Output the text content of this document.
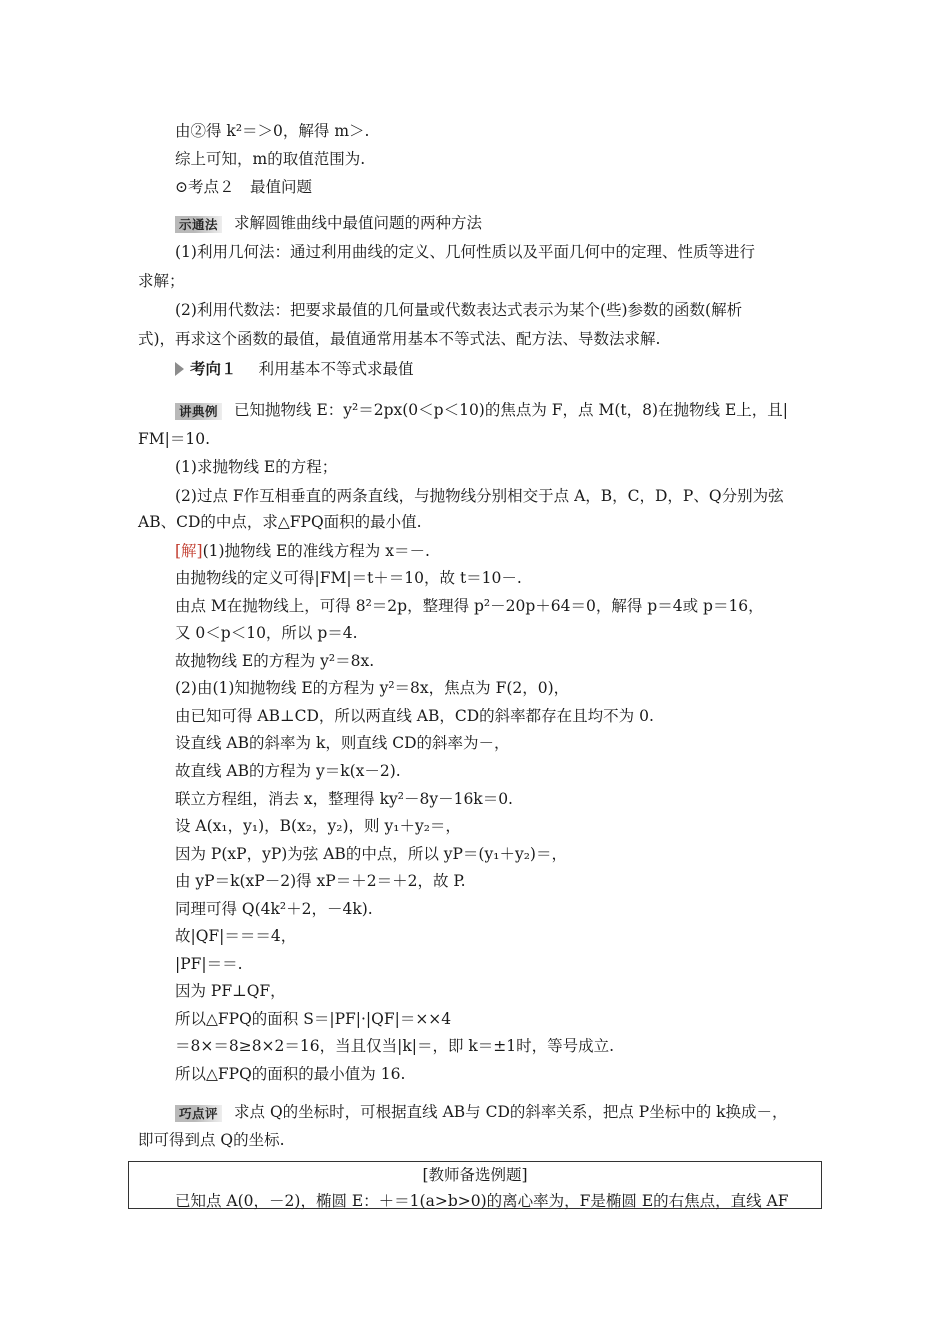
由②得 k²＝＞0，解得 m＞.
综上可知，m的取值范围为.
⊙考点２　最值问题
示通法 求解圆锥曲线中最值问题的两种方法
(1)利用几何法：通过利用曲线的定义、几何性质以及平面几何中的定理、性质等进行
求解；
(2)利用代数法：把要求最值的几何量或代数表达式表示为某个(些)参数的函数(解析
式)，再求这个函数的最值，最值通常用基本不等式法、配方法、导数法求解.
考向１ 利用基本不等式求最值
讲典例 已知抛物线 E：y²＝2px(0＜p＜10)的焦点为 F，点 M(t，8)在抛物线 E上，且|
FM|＝10.
(1)求抛物线 E的方程；
(2)过点 F作互相垂直的两条直线，与抛物线分别相交于点 A，B，C，D，P、Q分别为弦
AB、CD的中点，求△FPQ面积的最小值.
[解](1)抛物线 E的准线方程为 x＝－.
由抛物线的定义可得|FM|＝t＋＝10，故 t＝10－.
由点 M在抛物线上，可得 8²＝2p，整理得 p²－20p＋64＝0，解得 p＝4或 p＝16，
又 0＜p＜10，所以 p＝4.
故抛物线 E的方程为 y²＝8x.
(2)由(1)知抛物线 E的方程为 y²＝8x，焦点为 F(2，0)，
由已知可得 AB⊥CD，所以两直线 AB，CD的斜率都存在且均不为 0.
设直线 AB的斜率为 k，则直线 CD的斜率为－，
故直线 AB的方程为 y＝k(x－2).
联立方程组，消去 x，整理得 ky²－8y－16k＝0.
设 A(x₁，y₁)，B(x₂，y₂)，则 y₁＋y₂＝，
因为 P(xP，yP)为弦 AB的中点，所以 yP＝(y₁＋y₂)＝，
由 yP＝k(xP－2)得 xP＝＋2＝＋2，故 P.
同理可得 Q(4k²＋2，－4k).
故|QF|＝＝＝4，
|PF|＝＝.
因为 PF⊥QF，
所以△FPQ的面积 S＝|PF|·|QF|＝××4
＝8×＝8≥8×2＝16，当且仅当|k|＝，即 k＝±1时，等号成立.
所以△FPQ的面积的最小值为 16.
巧点评 求点 Q的坐标时，可根据直线 AB与 CD的斜率关系，把点 P坐标中的 k换成－，
即可得到点 Q的坐标.
[教师备选例题]
已知点 A(0，－2)，椭圆 E：＋＝1(a>b>0)的离心率为，F是椭圆 E的右焦点，直线 AF
